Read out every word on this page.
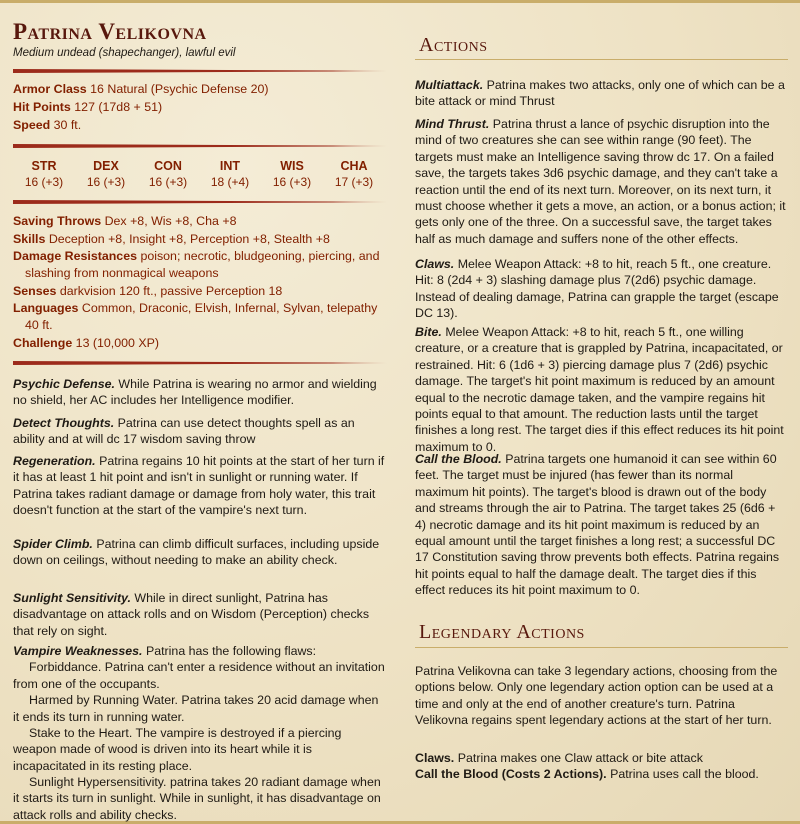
Patrina Velikovna
Medium undead (shapechanger), lawful evil
Armor Class 16 Natural (Psychic Defense 20)
Hit Points 127 (17d8 + 51)
Speed 30 ft.
STR
16 (+3)
DEX
16 (+3)
CON
16 (+3)
INT
18 (+4)
WIS
16 (+3)
CHA
17 (+3)
Saving Throws Dex +8, Wis +8, Cha +8
Skills Deception +8, Insight +8, Perception +8, Stealth +8
Damage Resistances poison; necrotic, bludgeoning, piercing, and slashing from nonmagical weapons
Senses darkvision 120 ft., passive Perception 18
Languages Common, Draconic, Elvish, Infernal, Sylvan, telepathy 40 ft.
Challenge 13 (10,000 XP)
Psychic Defense. While Patrina is wearing no armor and wielding no shield, her AC includes her Intelligence modifier.
Detect Thoughts. Patrina can use detect thoughts spell as an ability and at will dc 17 wisdom saving throw
Regeneration. Patrina regains 10 hit points at the start of her turn if it has at least 1 hit point and isn't in sunlight or running water. If Patrina takes radiant damage or damage from holy water, this trait doesn't function at the start of the vampire's next turn.
Spider Climb. Patrina can climb difficult surfaces, including upside down on ceilings, without needing to make an ability check.
Sunlight Sensitivity. While in direct sunlight, Patrina has disadvantage on attack rolls and on Wisdom (Perception) checks that rely on sight.
Vampire Weaknesses. Patrina has the following flaws:
Forbiddance. Patrina can't enter a residence without an invitation from one of the occupants.
Harmed by Running Water. Patrina takes 20 acid damage when it ends its turn in running water.
Stake to the Heart. The vampire is destroyed if a piercing weapon made of wood is driven into its heart while it is incapacitated in its resting place.
Sunlight Hypersensitivity. patrina takes 20 radiant damage when it starts its turn in sunlight. While in sunlight, it has disadvantage on attack rolls and ability checks.
Actions
Multiattack. Patrina makes two attacks, only one of which can be a bite attack or mind Thrust
Mind Thrust. Patrina thrust a lance of psychic disruption into the mind of two creatures she can see within range (90 feet). The targets must make an Intelligence saving throw dc 17. On a failed save, the targets takes 3d6 psychic damage, and they can't take a reaction until the end of its next turn. Moreover, on its next turn, it must choose whether it gets a move, an action, or a bonus action; it gets only one of the three. On a successful save, the target takes half as much damage and suffers none of the other effects.
Claws. Melee Weapon Attack: +8 to hit, reach 5 ft., one creature. Hit: 8 (2d4 + 3) slashing damage plus 7(2d6) psychic damage. Instead of dealing damage, Patrina can grapple the target (escape DC 13).
Bite. Melee Weapon Attack: +8 to hit, reach 5 ft., one willing creature, or a creature that is grappled by Patrina, incapacitated, or restrained. Hit: 6 (1d6 + 3) piercing damage plus 7 (2d6) psychic damage. The target's hit point maximum is reduced by an amount equal to the necrotic damage taken, and the vampire regains hit points equal to that amount. The reduction lasts until the target finishes a long rest. The target dies if this effect reduces its hit point maximum to 0.
Call the Blood. Patrina targets one humanoid it can see within 60 feet. The target must be injured (has fewer than its normal maximum hit points). The target's blood is drawn out of the body and streams through the air to Patrina. The target takes 25 (6d6 + 4) necrotic damage and its hit point maximum is reduced by an equal amount until the target finishes a long rest; a successful DC 17 Constitution saving throw prevents both effects. Patrina regains hit points equal to half the damage dealt. The target dies if this effect reduces its hit point maximum to 0.
Legendary Actions
Patrina Velikovna can take 3 legendary actions, choosing from the options below. Only one legendary action option can be used at a time and only at the end of another creature's turn. Patrina Velikovna regains spent legendary actions at the start of her turn.
Claws. Patrina makes one Claw attack or bite attack
Call the Blood (Costs 2 Actions). Patrina uses call the blood.
